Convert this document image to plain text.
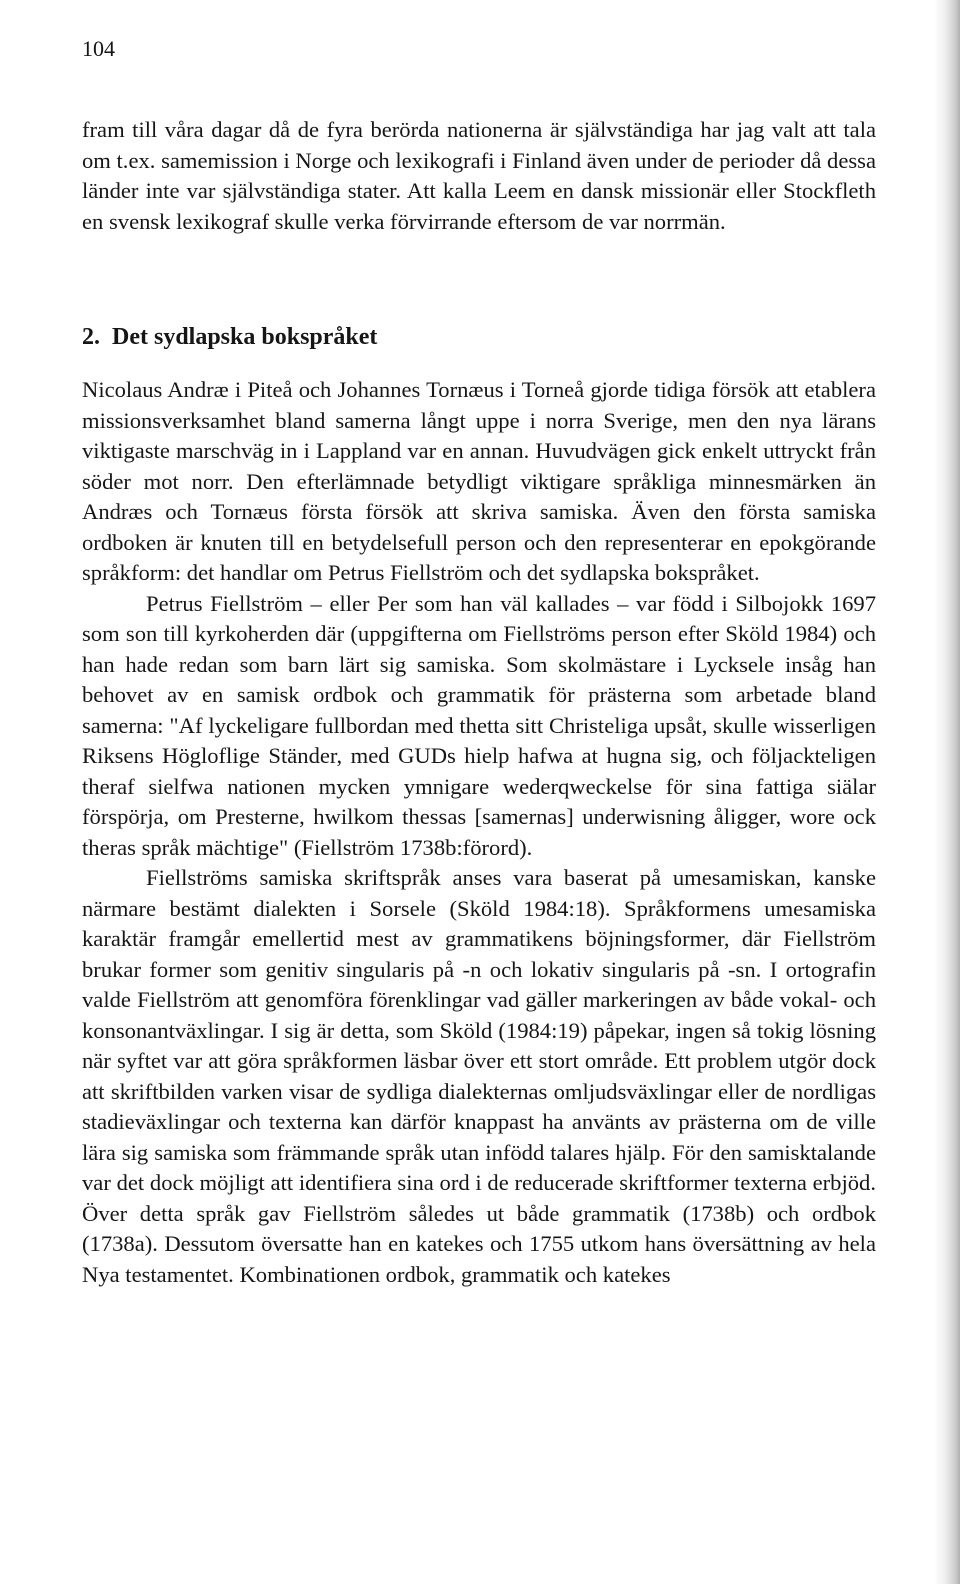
104

fram till våra dagar då de fyra berörda nationerna är självständiga har jag valt att tala om t.ex. samemission i Norge och lexikografi i Finland även under de perioder då dessa länder inte var självständiga stater. Att kalla Leem en dansk missionär eller Stockfleth en svensk lexikograf skulle verka förvirrande eftersom de var norrmän.

2. Det sydlapska bokspråket

Nicolaus Andræ i Piteå och Johannes Tornæus i Torneå gjorde tidiga försök att etablera missionsverksamhet bland samerna långt uppe i norra Sverige, men den nya lärans viktigaste marschväg in i Lappland var en annan. Huvudvägen gick enkelt uttryckt från söder mot norr. Den efterlämnade betydligt viktigare språkliga minnesmärken än Andræs och Tornæus första försök att skriva samiska. Även den första samiska ordboken är knuten till en betydelsefull person och den representerar en epokgörande språkform: det handlar om Petrus Fiellström och det sydlapska bokspråket.

Petrus Fiellström – eller Per som han väl kallades – var född i Silbojokk 1697 som son till kyrkoherden där (uppgifterna om Fiellströms person efter Sköld 1984) och han hade redan som barn lärt sig samiska. Som skolmästare i Lycksele insåg han behovet av en samisk ordbok och grammatik för prästerna som arbetade bland samerna: "Af lyckeligare fullbordan med thetta sitt Christeliga upsåt, skulle wisserligen Riksens Högloflige Ständer, med GUDs hielp hafwa at hugna sig, och följackteligen theraf sielfwa nationen mycken ymnigare wederqweckelse för sina fattiga siälar förspörja, om Presterne, hwilkom thessas [samernas] underwisning åligger, wore ock theras språk mächtige" (Fiellström 1738b:förord).

Fiellströms samiska skriftspråk anses vara baserat på umesamiskan, kanske närmare bestämt dialekten i Sorsele (Sköld 1984:18). Språkformens umesamiska karaktär framgår emellertid mest av grammatikens böjningsformer, där Fiellström brukar former som genitiv singularis på -n och lokativ singularis på -sn. I ortografin valde Fiellström att genomföra förenklingar vad gäller markeringen av både vokal- och konsonantväxlingar. I sig är detta, som Sköld (1984:19) påpekar, ingen så tokig lösning när syftet var att göra språkformen läsbar över ett stort område. Ett problem utgör dock att skriftbilden varken visar de sydliga dialekternas omljudsväxlingar eller de nordligas stadieväxlingar och texterna kan därför knappast ha använts av prästerna om de ville lära sig samiska som främmande språk utan infödd talares hjälp. För den samisktalande var det dock möjligt att identifiera sina ord i de reducerade skriftformer texterna erbjöd. Över detta språk gav Fiellström således ut både grammatik (1738b) och ordbok (1738a). Dessutom översatte han en katekes och 1755 utkom hans översättning av hela Nya testamentet. Kombinationen ordbok, grammatik och katekes
